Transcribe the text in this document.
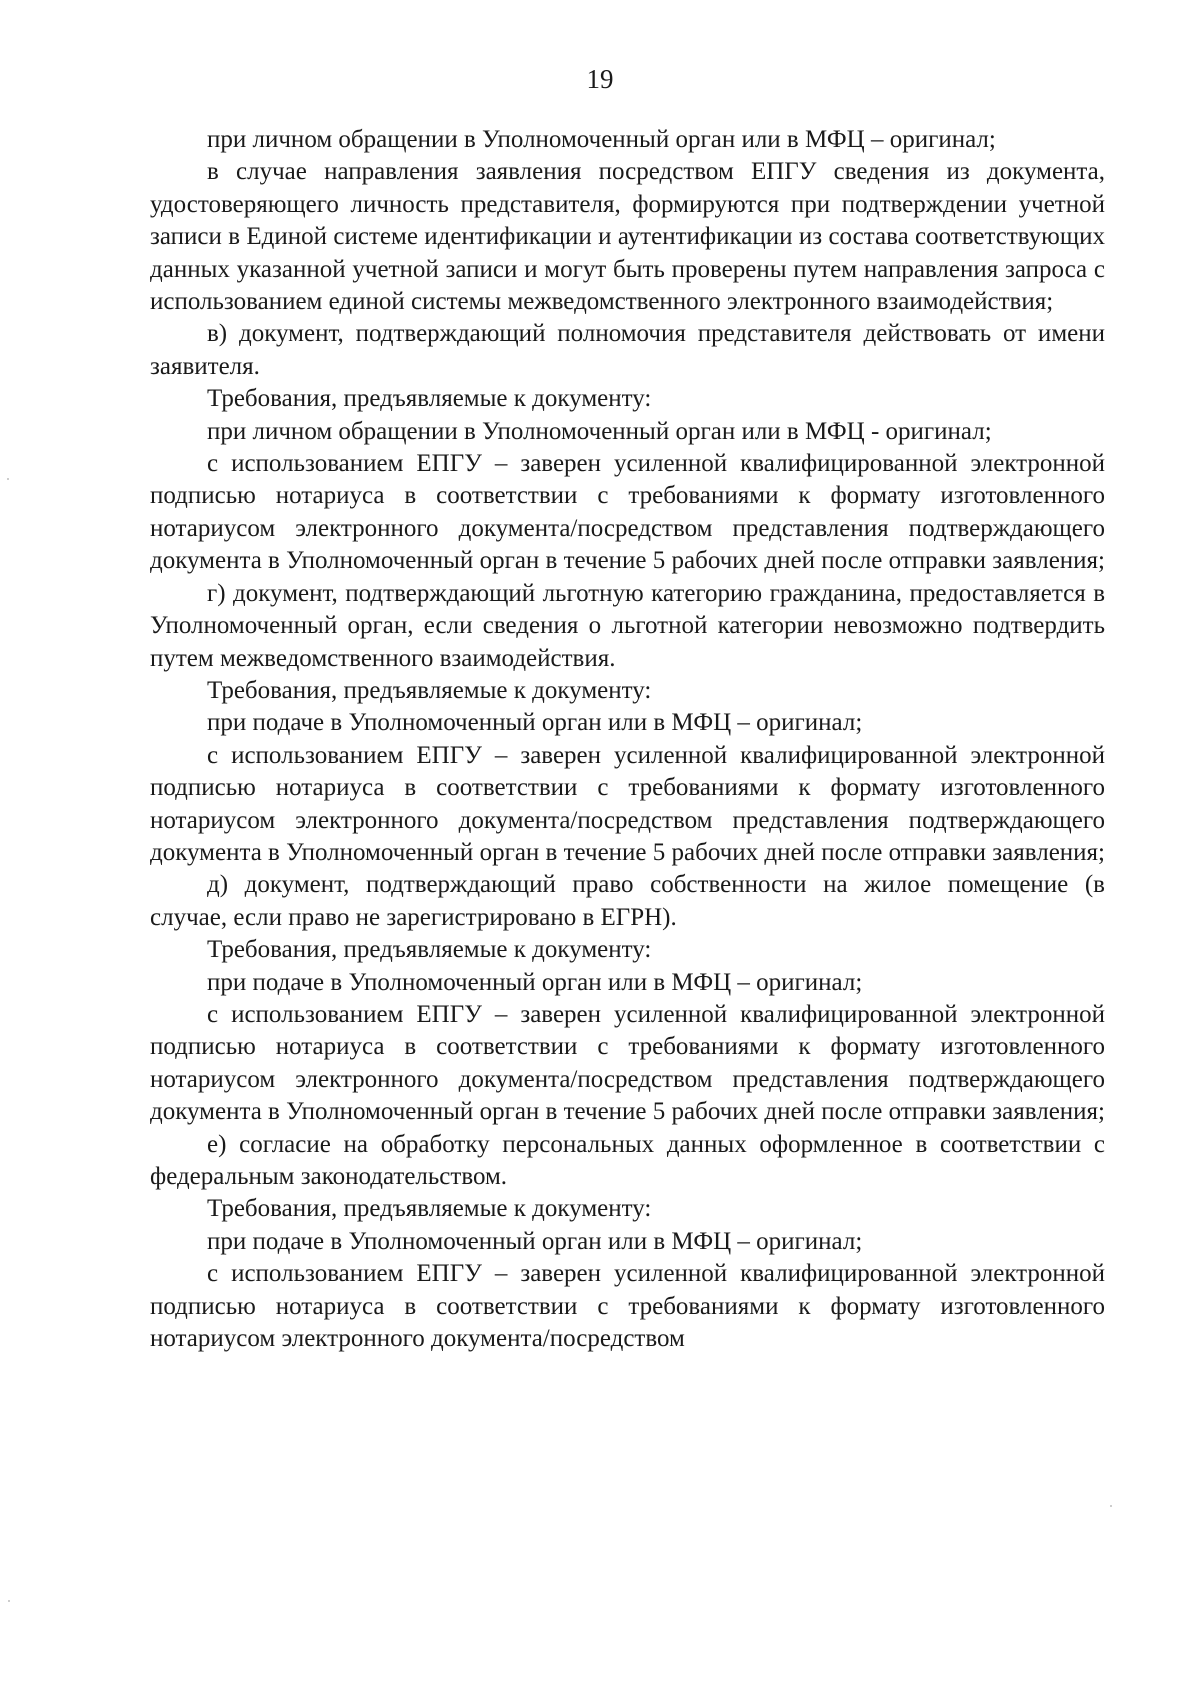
19

при личном обращении в Уполномоченный орган или в МФЦ – оригинал;

в случае направления заявления посредством ЕПГУ сведения из документа, удостоверяющего личность представителя, формируются при подтверждении учетной записи в Единой системе идентификации и аутентификации из состава соответствующих данных указанной учетной записи и могут быть проверены путем направления запроса с использованием единой системы межведомственного электронного взаимодействия;

в) документ, подтверждающий полномочия представителя действовать от имени заявителя.

Требования, предъявляемые к документу:

при личном обращении в Уполномоченный орган или в МФЦ - оригинал;

с использованием ЕПГУ – заверен усиленной квалифицированной электронной подписью нотариуса в соответствии с требованиями к формату изготовленного нотариусом электронного документа/посредством представления подтверждающего документа в Уполномоченный орган в течение 5 рабочих дней после отправки заявления;

г) документ, подтверждающий льготную категорию гражданина, предоставляется в Уполномоченный орган, если сведения о льготной категории невозможно подтвердить путем межведомственного взаимодействия.

Требования, предъявляемые к документу:

при подаче в Уполномоченный орган или в МФЦ – оригинал;

с использованием ЕПГУ – заверен усиленной квалифицированной электронной подписью нотариуса в соответствии с требованиями к формату изготовленного нотариусом электронного документа/посредством представления подтверждающего документа в Уполномоченный орган в течение 5 рабочих дней после отправки заявления;

д) документ, подтверждающий право собственности на жилое помещение (в случае, если право не зарегистрировано в ЕГРН).

Требования, предъявляемые к документу:

при подаче в Уполномоченный орган или в МФЦ – оригинал;

с использованием ЕПГУ – заверен усиленной квалифицированной электронной подписью нотариуса в соответствии с требованиями к формату изготовленного нотариусом электронного документа/посредством представления подтверждающего документа в Уполномоченный орган в течение 5 рабочих дней после отправки заявления;

е) согласие на обработку персональных данных оформленное в соответствии с федеральным законодательством.

Требования, предъявляемые к документу:

при подаче в Уполномоченный орган или в МФЦ – оригинал;

с использованием ЕПГУ – заверен усиленной квалифицированной электронной подписью нотариуса в соответствии с требованиями к формату изготовленного нотариусом электронного документа/посредством
